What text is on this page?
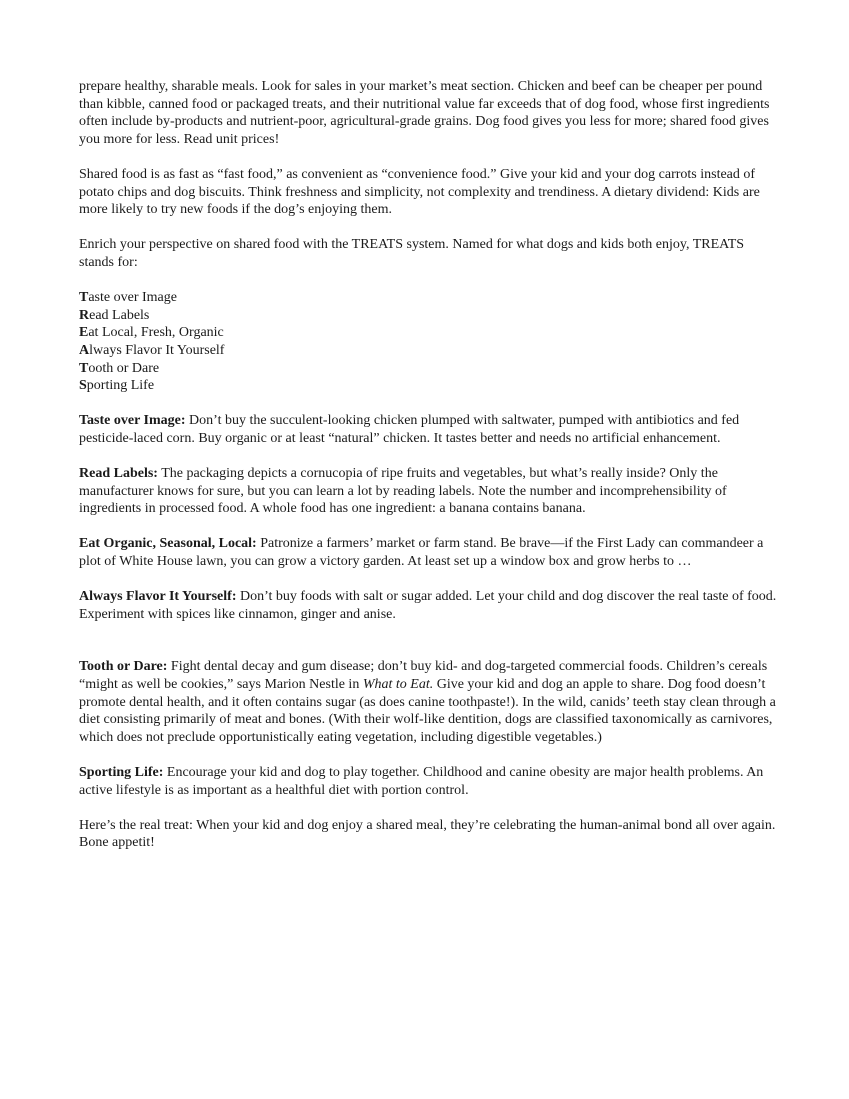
prepare healthy, sharable meals. Look for sales in your market’s meat section. Chicken and beef can be cheaper per pound than kibble, canned food or packaged treats, and their nutritional value far exceeds that of dog food, whose first ingredients often include by-products and nutrient-poor, agricultural-grade grains. Dog food gives you less for more; shared food gives you more for less. Read unit prices!

Shared food is as fast as “fast food,” as convenient as “convenience food.” Give your kid and your dog carrots instead of potato chips and dog biscuits. Think freshness and simplicity, not complexity and trendiness. A dietary dividend: Kids are more likely to try new foods if the dog’s enjoying them.

Enrich your perspective on shared food with the TREATS system. Named for what dogs and kids both enjoy, TREATS stands for:

Taste over Image
Read Labels
Eat Local, Fresh, Organic
Always Flavor It Yourself
Tooth or Dare
Sporting Life

Taste over Image: Don’t buy the succulent-looking chicken plumped with saltwater, pumped with antibiotics and fed pesticide-laced corn. Buy organic or at least “natural” chicken. It tastes better and needs no artificial enhancement.

Read Labels: The packaging depicts a cornucopia of ripe fruits and vegetables, but what’s really inside? Only the manufacturer knows for sure, but you can learn a lot by reading labels. Note the number and incomprehensibility of ingredients in processed food. A whole food has one ingredient: a banana contains banana.

Eat Organic, Seasonal, Local: Patronize a farmers’ market or farm stand. Be brave—if the First Lady can commandeer a plot of White House lawn, you can grow a victory garden. At least set up a window box and grow herbs to …

Always Flavor It Yourself: Don’t buy foods with salt or sugar added. Let your child and dog discover the real taste of food. Experiment with spices like cinnamon, ginger and anise.

Tooth or Dare: Fight dental decay and gum disease; don’t buy kid- and dog-targeted commercial foods. Children’s cereals “might as well be cookies,” says Marion Nestle in What to Eat. Give your kid and dog an apple to share. Dog food doesn’t promote dental health, and it often contains sugar (as does canine toothpaste!). In the wild, canids’ teeth stay clean through a diet consisting primarily of meat and bones. (With their wolf-like dentition, dogs are classified taxonomically as carnivores, which does not preclude opportunistically eating vegetation, including digestible vegetables.)

Sporting Life: Encourage your kid and dog to play together. Childhood and canine obesity are major health problems. An active lifestyle is as important as a healthful diet with portion control.

Here’s the real treat: When your kid and dog enjoy a shared meal, they’re celebrating the human-animal bond all over again. Bone appetit!
